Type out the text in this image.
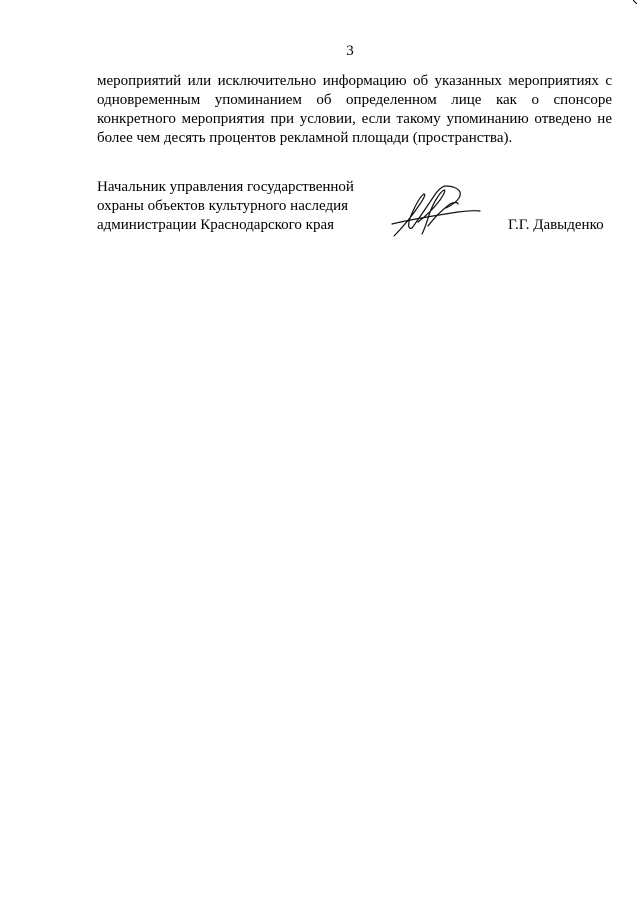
3
мероприятий или исключительно информацию об указанных мероприятиях с
одновременным упоминанием об определенном лице как о спонсоре
конкретного мероприятия при условии, если такому упоминанию отведено не
более чем десять процентов рекламной площади (пространства).
Начальник управления государственной
охраны объектов культурного наследия
администрации Краснодарского края	Г.Г. Давыденко
